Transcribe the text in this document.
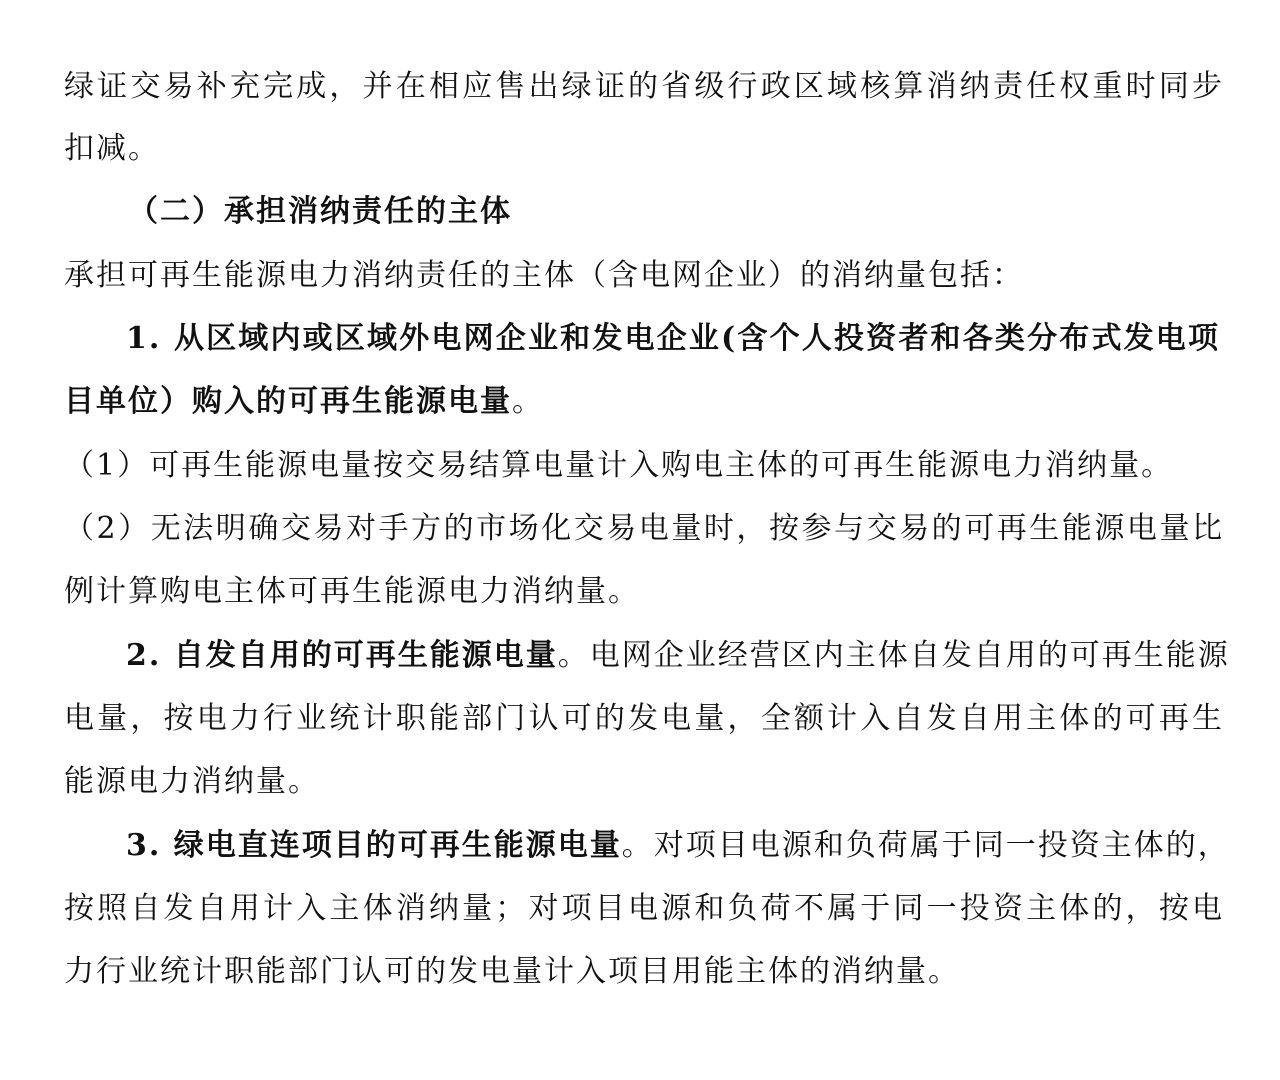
绿证交易补充完成，并在相应售出绿证的省级行政区域核算消纳责任权重时同步
扣减。
（二）承担消纳责任的主体
承担可再生能源电力消纳责任的主体（含电网企业）的消纳量包括：
1. 从区域内或区域外电网企业和发电企业(含个人投资者和各类分布式发电项
目单位）购入的可再生能源电量。
（1）可再生能源电量按交易结算电量计入购电主体的可再生能源电力消纳量。
（2）无法明确交易对手方的市场化交易电量时，按参与交易的可再生能源电量比
例计算购电主体可再生能源电力消纳量。
2. 自发自用的可再生能源电量。电网企业经营区内主体自发自用的可再生能源
电量，按电力行业统计职能部门认可的发电量，全额计入自发自用主体的可再生
能源电力消纳量。
3. 绿电直连项目的可再生能源电量。对项目电源和负荷属于同一投资主体的，
按照自发自用计入主体消纳量；对项目电源和负荷不属于同一投资主体的，按电
力行业统计职能部门认可的发电量计入项目用能主体的消纳量。
